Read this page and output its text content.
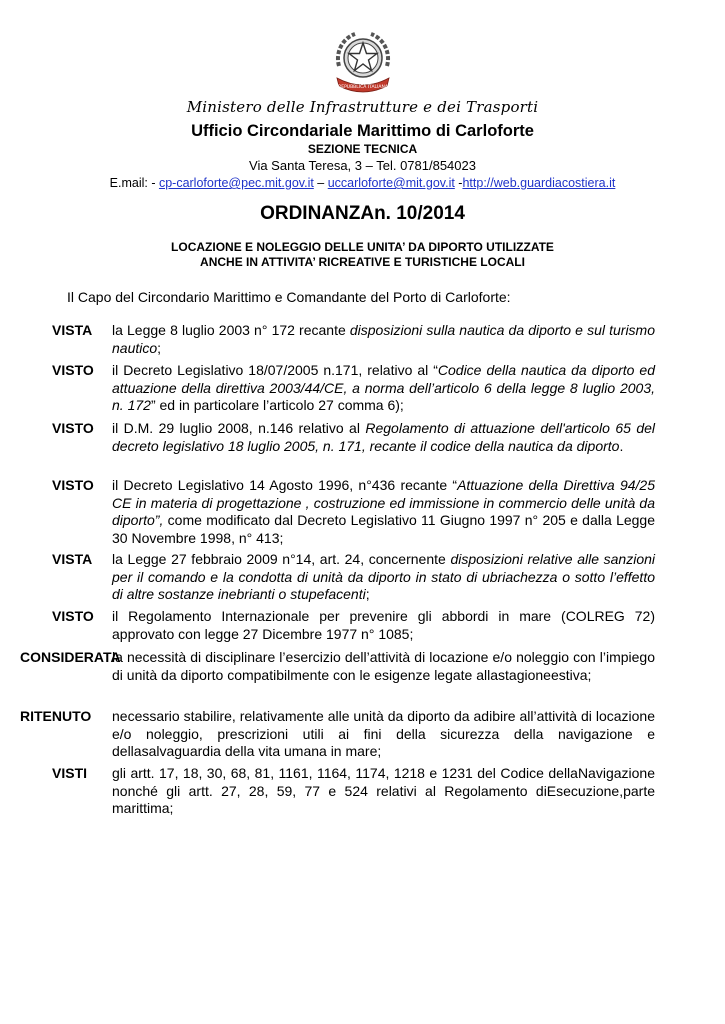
REPUBBLICA ITALIANA
Ministero delle Infrastrutture e dei Trasporti
Ufficio Circondariale Marittimo di Carloforte
SEZIONE TECNICA
Via Santa Teresa, 3 – Tel. 0781/854023
E.mail: - cp-carloforte@pec.mit.gov.it – uccarloforte@mit.gov.it -http://web.guardiacostiera.it
ORDINANZAn. 10/2014
LOCAZIONE E NOLEGGIO DELLE UNITA’ DA DIPORTO UTILIZZATE
ANCHE IN ATTIVITA’ RICREATIVE E TURISTICHE LOCALI
Il Capo del Circondario Marittimo e Comandante del Porto di Carloforte:
VISTA la Legge 8 luglio 2003 n° 172 recante disposizioni sulla nautica da diporto e sul turismo nautico;
VISTO il Decreto Legislativo 18/07/2005 n.171, relativo al “Codice della nautica da diporto ed attuazione della direttiva 2003/44/CE, a norma dell’articolo 6 della legge 8 luglio 2003, n. 172” ed in particolare l’articolo 27 comma 6);
VISTO il D.M. 29 luglio 2008, n.146 relativo al Regolamento di attuazione dell'articolo 65 del decreto legislativo 18 luglio 2005, n. 171, recante il codice della nautica da diporto.
VISTO il Decreto Legislativo 14 Agosto 1996, n°436 recante “Attuazione della Direttiva 94/25 CE in materia di progettazione , costruzione ed immissione in commercio delle unità da diporto”, come modificato dal Decreto Legislativo 11 Giugno 1997 n° 205 e dalla Legge 30 Novembre 1998, n° 413;
VISTA la Legge 27 febbraio 2009 n°14, art. 24, concernente disposizioni relative alle sanzioni per il comando e la condotta di unità da diporto in stato di ubriachezza o sotto l’effetto di altre sostanze inebrianti o stupefacenti;
VISTO il Regolamento Internazionale per prevenire gli abbordi in mare (COLREG 72) approvato con legge 27 Dicembre 1977 n° 1085;
CONSIDERATA
la necessità di disciplinare l’esercizio dell’attività di locazione e/o noleggio con l’impiego di unità da diporto compatibilmente con le esigenze legate allastagioneestiva;
RITENUTO necessario stabilire, relativamente alle unità da diporto da adibire all’attività di locazione e/o noleggio, prescrizioni utili ai fini della sicurezza della navigazione e dellasalvaguardia della vita umana in mare;
VISTI gli artt. 17, 18, 30, 68, 81, 1161, 1164, 1174, 1218 e 1231 del Codice dellaNavigazione nonché gli artt. 27, 28, 59, 77 e 524 relativi al Regolamento diEsecuzione,parte marittima;
